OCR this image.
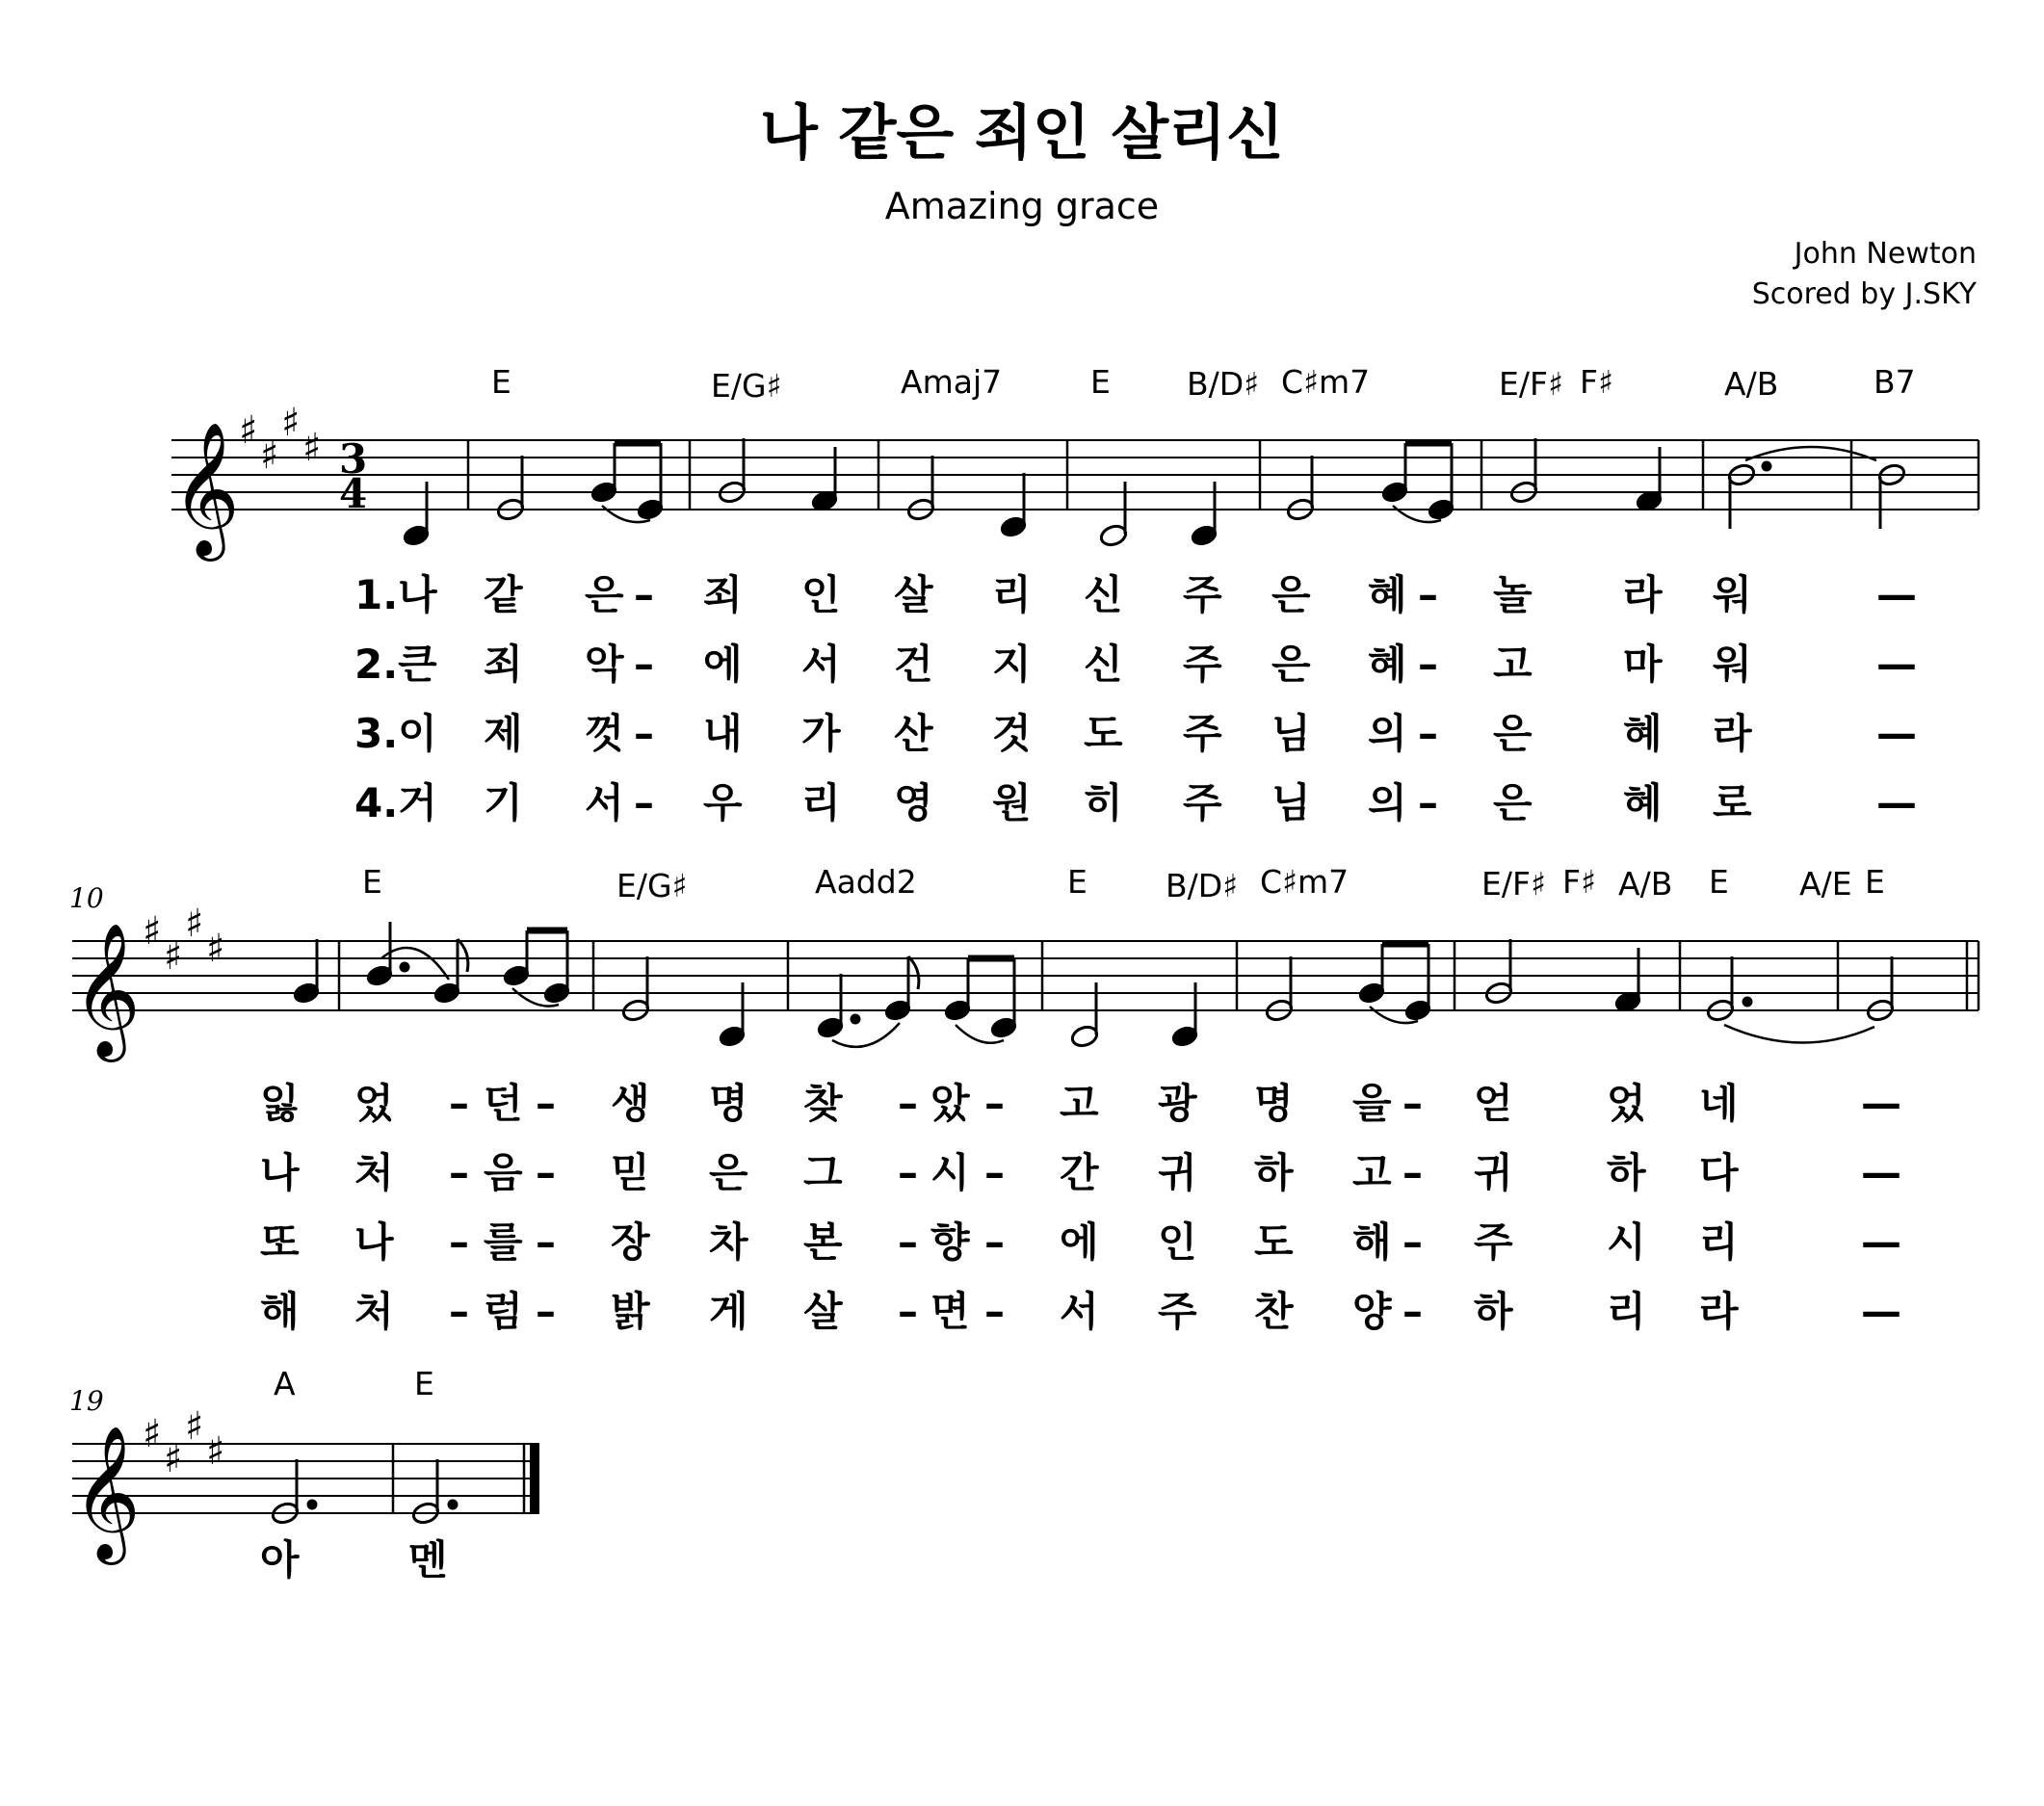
나 같은 죄인 살리신
Amazing grace
John Newton
Scored by J.SKY
𝄞 ♯
♯
♯
♯ 3
4
E	E/G♯	Amaj7	E B/D♯ C♯m7	E/F♯ F♯	A/B	B7
1.나 같 은 – 죄 인 살 리 신 주 은 혜 – 놀 라 워	—
2.큰 죄 악 – 에 서 건 지 신 주 은 혜 – 고 마 워	—
3.이 제 껏 – 내 가 산 것 도 주 님 의 – 은 혜 라	—
4.거 기 서 – 우 리 영 원 히 주 님 의 – 은 혜 로	—
10
𝄞 ♯
♯
♯
♯
E	E/G♯	Aadd2	E B/D♯ C♯m7	E/F♯ F♯ A/B E A/E E
잃 었 – 던 – 생 명 찾 – 았 – 고 광 명 을 – 얻 었 네	—
나 처 – 음 – 믿 은 그 – 시 – 간 귀 하 고 – 귀 하 다	—
또 나 – 를 – 장 차 본 – 향 – 에 인 도 해 – 주 시 리	—
해 처 – 럼 – 밝 게 살 – 면 – 서 주 찬 양 – 하 리 라	—
19
𝄞 ♯
♯
♯
♯
A	E
아	멘
